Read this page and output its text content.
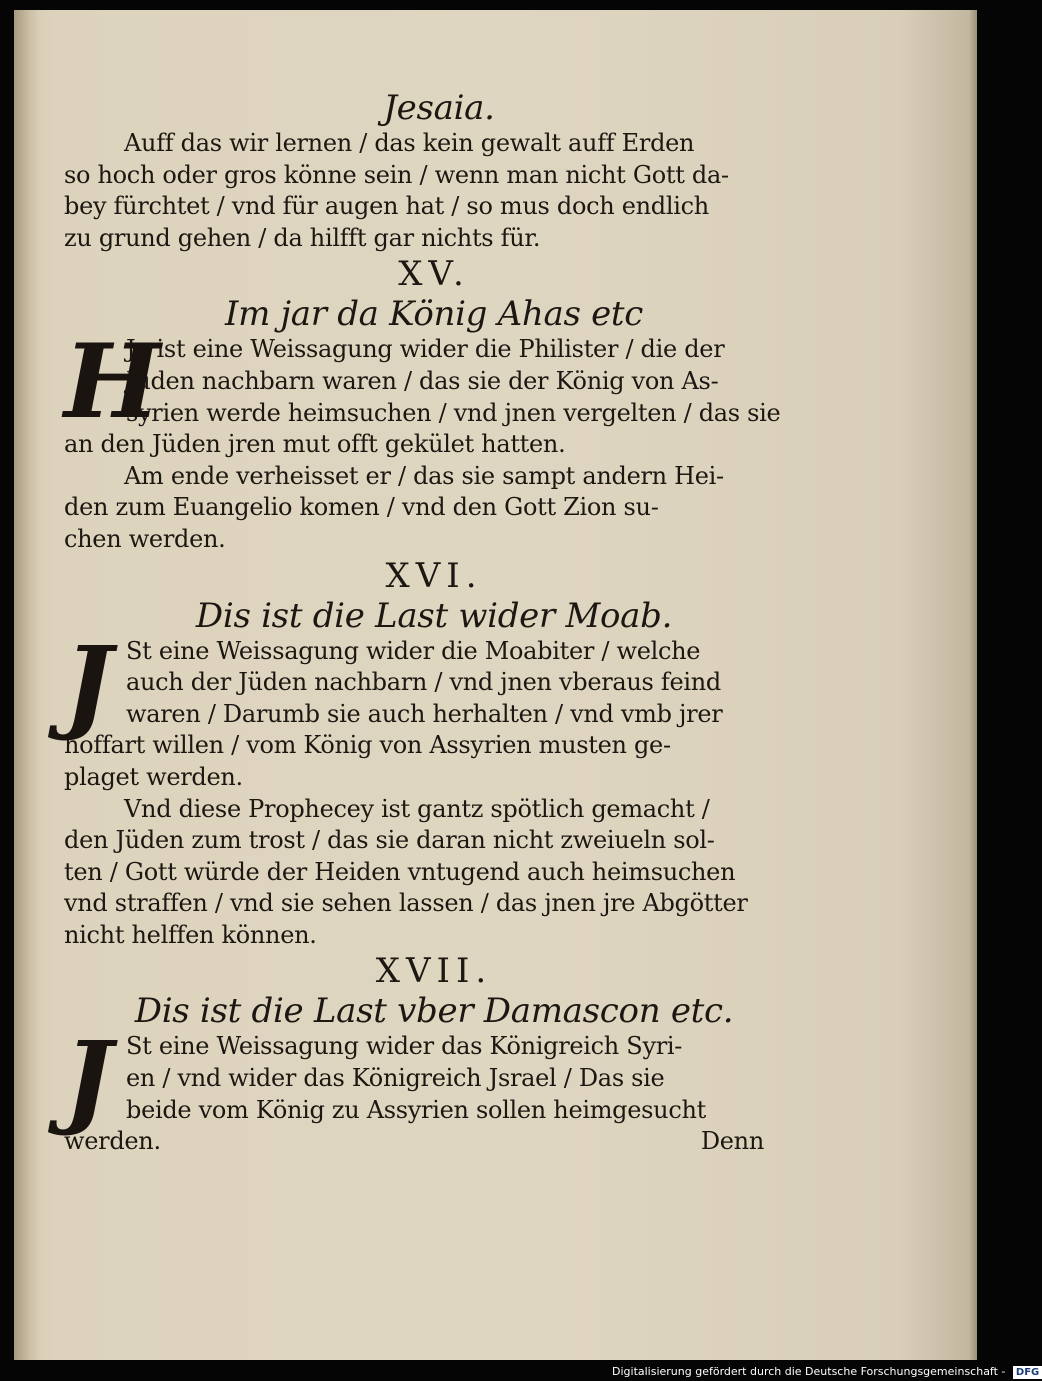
Jesaia.
Auff das wir lernen / das kein gewalt auff Erden
so hoch oder gros könne sein / wenn man nicht Gott da-
bey fürchtet / vnd für augen hat / so mus doch endlich
zu grund gehen / da hilfft gar nichts für.
XV.
Im jar da König Ahas etc
H
Je ist eine Weissagung wider die Philister / die der
Jüden nachbarn waren / das sie der König von As-
syrien werde heimsuchen / vnd jnen vergelten / das sie
an den Jüden jren mut offt gekület hatten.
Am ende verheisset er / das sie sampt andern Hei-
den zum Euangelio komen / vnd den Gott Zion su-
chen werden.
XVI.
Dis ist die Last wider Moab.
J St eine Weissagung wider die Moabiter / welche
auch der Jüden nachbarn / vnd jnen vberaus feind
waren / Darumb sie auch herhalten / vnd vmb jrer
hoffart willen / vom König von Assyrien musten ge-
plaget werden.
Vnd diese Prophecey ist gantz spötlich gemacht /
den Jüden zum trost / das sie daran nicht zweiueln sol-
ten / Gott würde der Heiden vntugend auch heimsuchen
vnd straffen / vnd sie sehen lassen / das jnen jre Abgötter
nicht helffen können.
XVII.
Dis ist die Last vber Damascon etc.
J St eine Weissagung wider das Königreich Syri-
en / vnd wider das Königreich Jsrael / Das sie
beide vom König zu Assyrien sollen heimgesucht
werden.	Denn
Digitalisierung gefördert durch die Deutsche Forschungsgemeinschaft - DFG
